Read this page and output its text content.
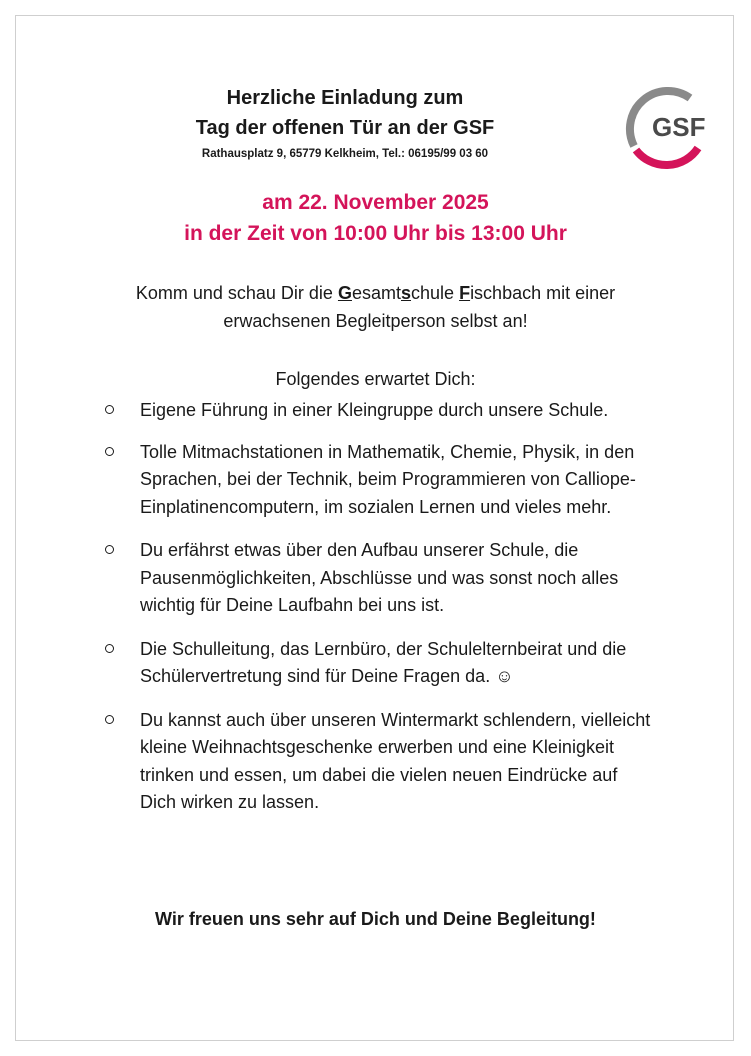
Herzliche Einladung zum
Tag der offenen Tür an der GSF
Rathausplatz 9, 65779 Kelkheim, Tel.: 06195/99 03 60
GSF
am 22. November 2025
in der Zeit von 10:00 Uhr bis 13:00 Uhr
Komm und schau Dir die Gesamtschule Fischbach mit einer
erwachsenen Begleitperson selbst an!
Folgendes erwartet Dich:
Eigene Führung in einer Kleingruppe durch unsere Schule.
Tolle Mitmachstationen in Mathematik, Chemie, Physik, in den Sprachen, bei der Technik, beim Programmieren von Calliope-Einplatinencomputern, im sozialen Lernen und vieles mehr.
Du erfährst etwas über den Aufbau unserer Schule, die Pausenmöglichkeiten, Abschlüsse und was sonst noch alles wichtig für Deine Laufbahn bei uns ist.
Die Schulleitung, das Lernbüro, der Schulelternbeirat und die Schülervertretung sind für Deine Fragen da. ☺
Du kannst auch über unseren Wintermarkt schlendern, vielleicht kleine Weihnachtsgeschenke erwerben und eine Kleinigkeit trinken und essen, um dabei die vielen neuen Eindrücke auf Dich wirken zu lassen.
Wir freuen uns sehr auf Dich und Deine Begleitung!
